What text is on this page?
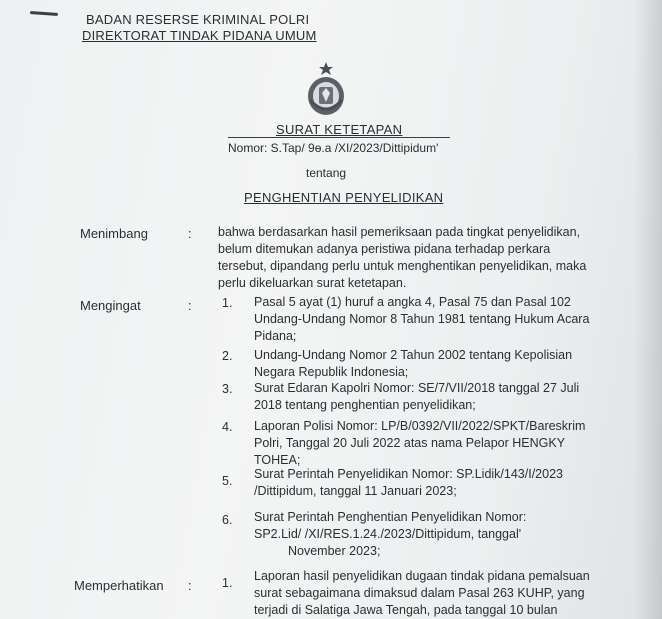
BADAN RESERSE KRIMINAL POLRI
DIREKTORAT TINDAK PIDANA UMUM
SURAT KETETAPAN
Nomor: S.Tap/ 9ɵ.a /XI/2023/Dittipidum'
tentang
PENGHENTIAN PENYELIDIKAN
Menimbang	: bahwa berdasarkan hasil pemeriksaan pada tingkat penyelidikan,
belum ditemukan adanya peristiwa pidana terhadap perkara
tersebut, dipandang perlu untuk menghentikan penyelidikan, maka
perlu dikeluarkan surat ketetapan.
Mengingat	: 1. Pasal 5 ayat (1) huruf a angka 4, Pasal 75 dan Pasal 102
Undang-Undang Nomor 8 Tahun 1981 tentang Hukum Acara
Pidana;
2. Undang-Undang Nomor 2 Tahun 2002 tentang Kepolisian
Negara Republik Indonesia;
3. Surat Edaran Kapolri Nomor: SE/7/VII/2018 tanggal 27 Juli
2018 tentang penghentian penyelidikan;
4. Laporan Polisi Nomor: LP/B/0392/VII/2022/SPKT/Bareskrim
Polri, Tanggal 20 Juli 2022 atas nama Pelapor HENGKY
TOHEA;
5. Surat Perintah Penyelidikan Nomor: SP.Lidik/143/I/2023
/Dittipidum, tanggal 11 Januari 2023;
6. Surat Perintah Penghentian Penyelidikan Nomor:
SP2.Lid/ /XI/RES.1.24./2023/Dittipidum, tanggal'
November 2023;
Memperhatikan : 1. Laporan hasil penyelidikan dugaan tindak pidana pemalsuan
surat sebagaimana dimaksud dalam Pasal 263 KUHP, yang
terjadi di Salatiga Jawa Tengah, pada tanggal 10 bulan
